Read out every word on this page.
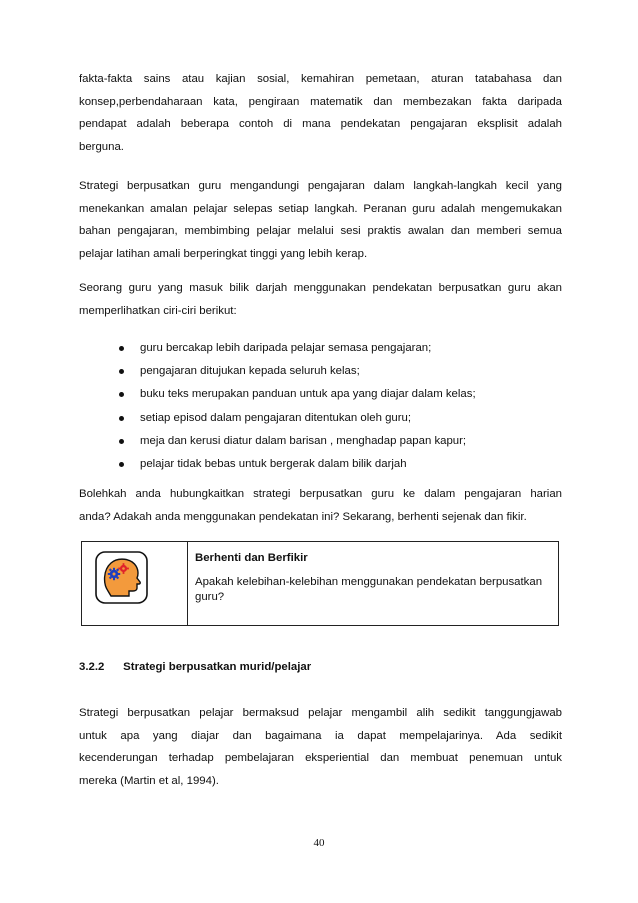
fakta-fakta sains atau kajian sosial, kemahiran pemetaan, aturan tatabahasa dan
konsep,perbendaharaan kata, pengiraan matematik dan membezakan fakta daripada
pendapat adalah beberapa contoh di mana pendekatan pengajaran eksplisit adalah
berguna.

Strategi berpusatkan guru mengandungi pengajaran dalam langkah-langkah kecil yang
menekankan amalan pelajar selepas setiap langkah. Peranan guru adalah mengemukakan
bahan pengajaran, membimbing pelajar melalui sesi praktis awalan dan memberi semua
pelajar latihan amali berperingkat tinggi yang lebih kerap.

Seorang guru yang masuk bilik darjah menggunakan pendekatan berpusatkan guru akan
memperlihatkan ciri-ciri berikut:

guru bercakap lebih daripada pelajar semasa pengajaran;
pengajaran ditujukan kepada seluruh kelas;
buku teks merupakan panduan untuk apa yang diajar dalam kelas;
setiap episod dalam pengajaran ditentukan oleh guru;
meja dan kerusi diatur dalam barisan , menghadap papan kapur;
pelajar tidak bebas untuk bergerak dalam bilik darjah

Bolehkah anda hubungkaitkan strategi berpusatkan guru ke dalam pengajaran harian
anda? Adakah anda menggunakan pendekatan ini? Sekarang, berhenti sejenak dan fikir.

Berhenti dan Berfikir
Apakah kelebihan-kelebihan menggunakan pendekatan berpusatkan guru?
3.2.2 Strategi berpusatkan murid/pelajar

Strategi berpusatkan pelajar bermaksud pelajar mengambil alih sedikit tanggungjawab
untuk apa yang diajar dan bagaimana ia dapat mempelajarinya. Ada sedikit
kecenderungan terhadap pembelajaran eksperiential dan membuat penemuan untuk
mereka (Martin et al, 1994).

40
